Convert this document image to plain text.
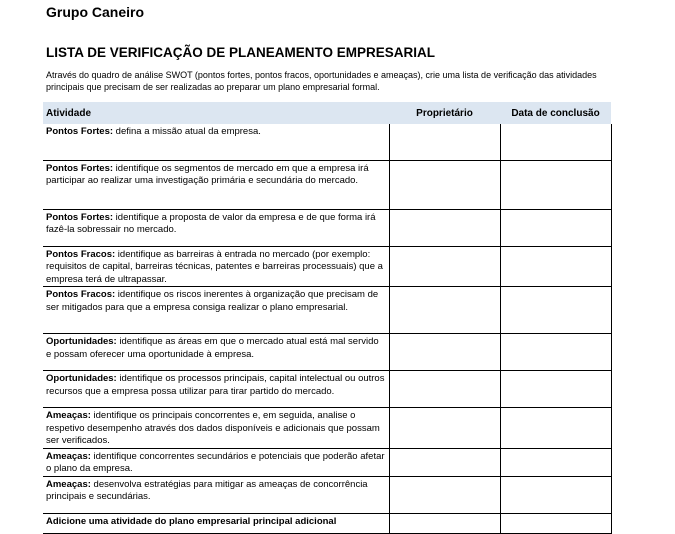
Grupo Caneiro
LISTA DE VERIFICAÇÃO DE PLANEAMENTO EMPRESARIAL

Através do quadro de análise SWOT (pontos fortes, pontos fracos, oportunidades e ameaças), crie uma lista de verificação das atividades principais que precisam de ser realizadas ao preparar um plano empresarial formal.

Atividade	Proprietário	Data de conclusão
Pontos Fortes: defina a missão atual da empresa.		
Pontos Fortes: identifique os segmentos de mercado em que a empresa irá participar ao realizar uma investigação primária e secundária do mercado.		
Pontos Fortes: identifique a proposta de valor da empresa e de que forma irá fazê-la sobressair no mercado.		
Pontos Fracos: identifique as barreiras à entrada no mercado (por exemplo: requisitos de capital, barreiras técnicas, patentes e barreiras processuais) que a empresa terá de ultrapassar.		
Pontos Fracos: identifique os riscos inerentes à organização que precisam de ser mitigados para que a empresa consiga realizar o plano empresarial.		
Oportunidades: identifique as áreas em que o mercado atual está mal servido e possam oferecer uma oportunidade à empresa.		
Oportunidades: identifique os processos principais, capital intelectual ou outros recursos que a empresa possa utilizar para tirar partido do mercado.		
Ameaças: identifique os principais concorrentes e, em seguida, analise o respetivo desempenho através dos dados disponíveis e adicionais que possam ser verificados.		
Ameaças: identifique concorrentes secundários e potenciais que poderão afetar o plano da empresa.		
Ameaças: desenvolva estratégias para mitigar as ameaças de concorrência principais e secundárias.		
Adicione uma atividade do plano empresarial principal adicional		
